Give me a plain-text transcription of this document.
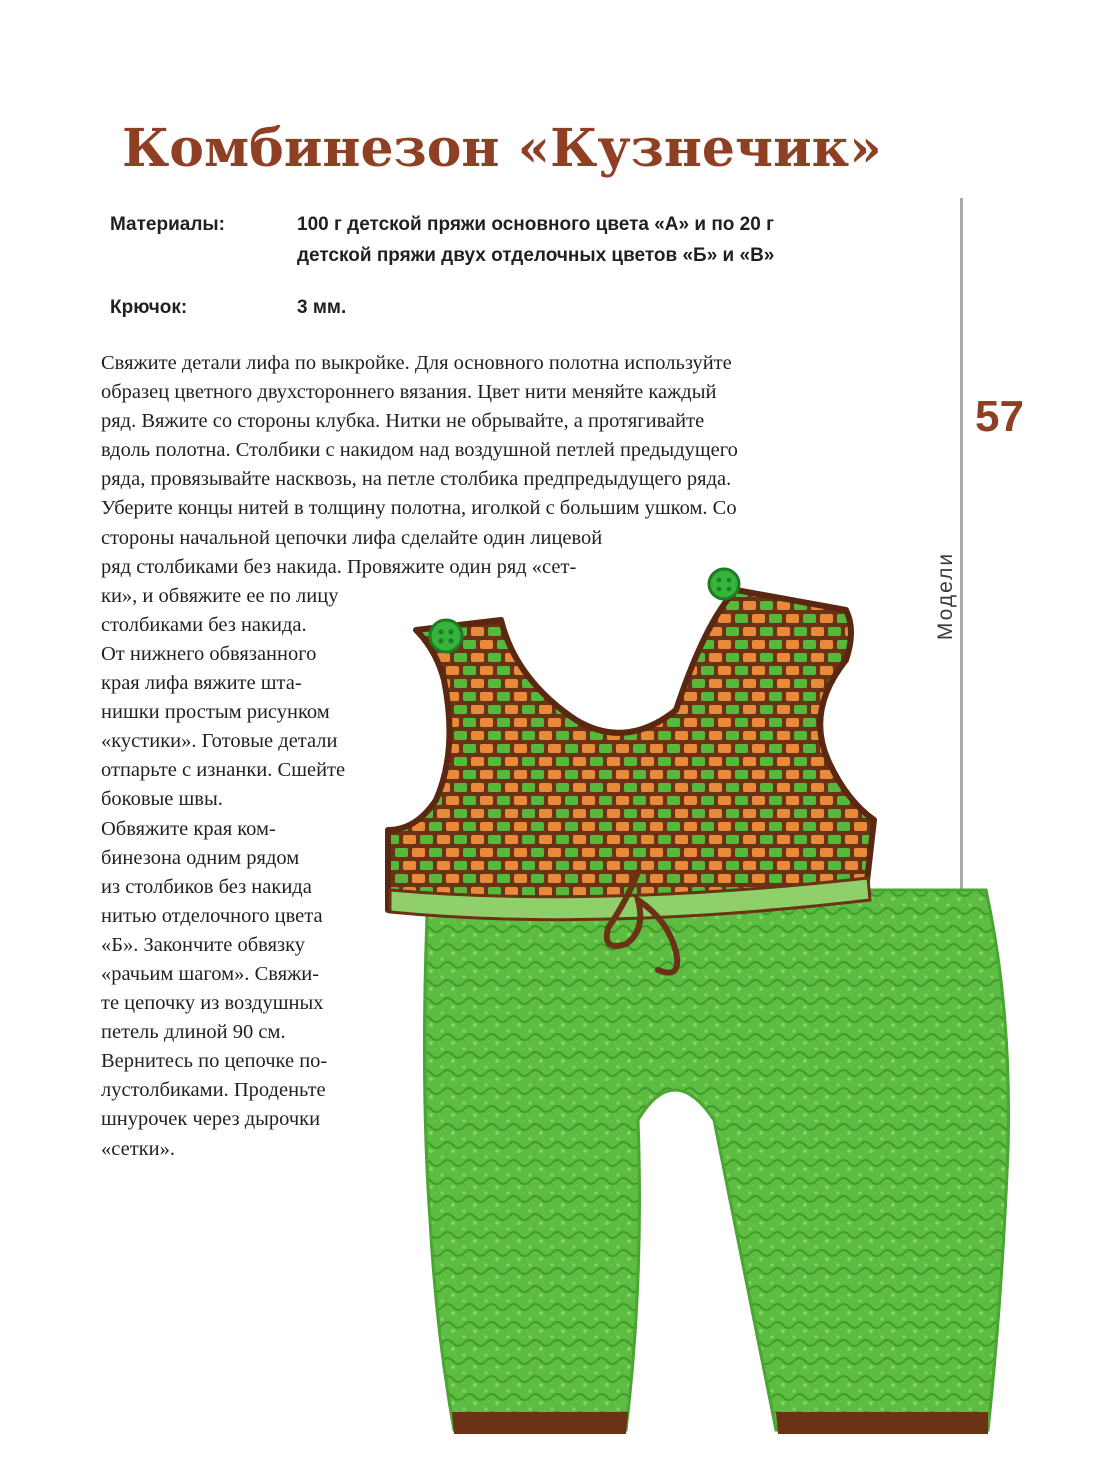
Комбинезон «Кузнечик»
Материалы:	100 г детской пряжи основного цвета «А» и по 20 г
детской пряжи двух отделочных цветов «Б» и «В»
Крючок:	3 мм.

Свяжите детали лифа по выкройке. Для основного полотна используйте
образец цветного двухстороннего вязания. Цвет нити меняйте каждый
ряд. Вяжите со стороны клубка. Нитки не обрывайте, а протягивайте
вдоль полотна. Столбики с накидом над воздушной петлей предыдущего
ряда, провязывайте насквозь, на петле столбика предпредыдущего ряда.
Уберите концы нитей в толщину полотна, иголкой с большим ушком. Со
стороны начальной цепочки лифа сделайте один лицевой
ряд столбиками без накида. Провяжите один ряд «сет-
ки», и обвяжите ее по лицу
столбиками без накида.
От нижнего обвязанного
края лифа вяжите шта-
нишки простым рисунком
«кустики». Готовые детали
отпарьте с изнанки. Сшейте
боковые швы.
Обвяжите края ком-
бинезона одним рядом
из столбиков без накида
нитью отделочного цвета
«Б». Закончите обвязку
«рачьим шагом». Свяжи-
те цепочку из воздушных
петель длиной 90 см.
Вернитесь по цепочке по-
лустолбиками. Проденьте
шнурочек через дырочки
«сетки».

57
Модели
